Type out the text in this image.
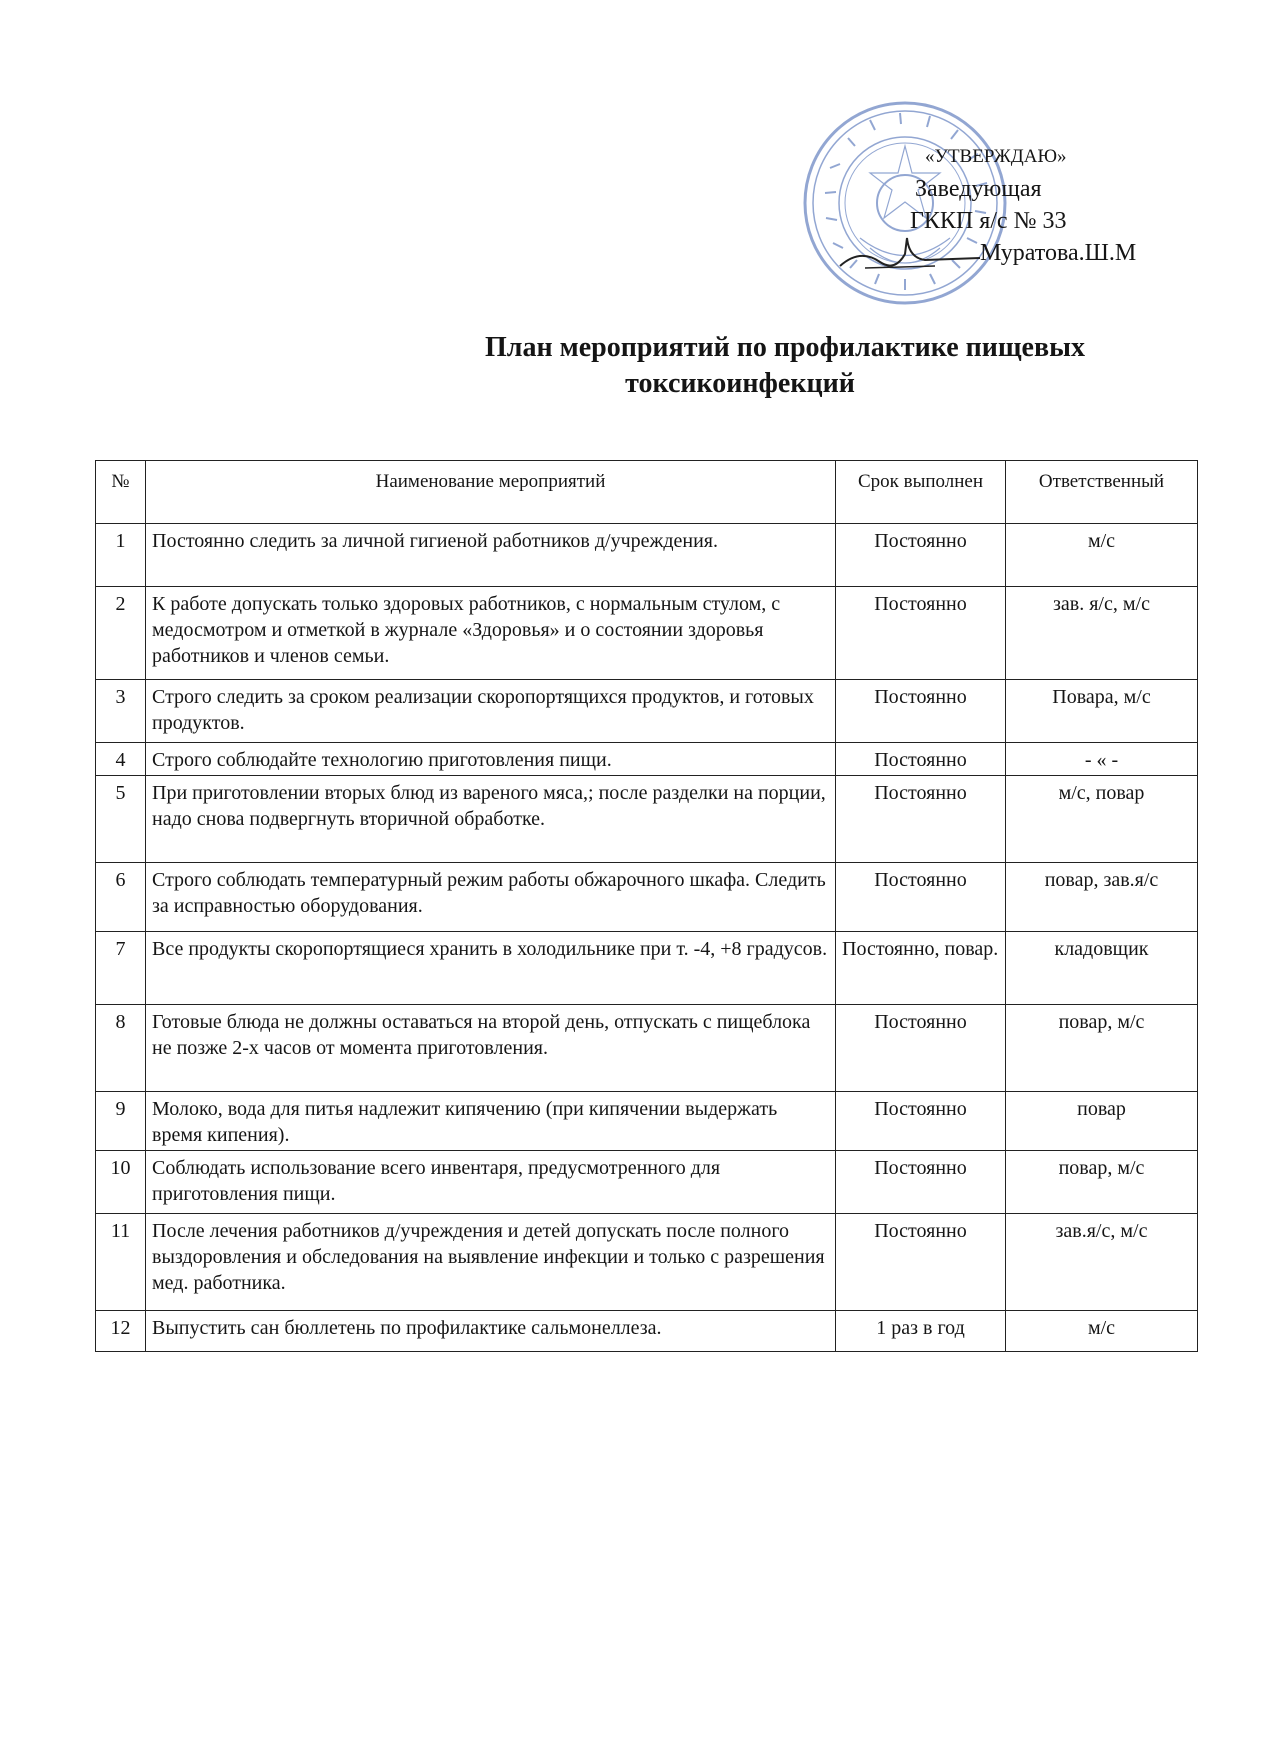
«УТВЕРЖДАЮ»
Заведующая
ГККП я/с № 33
Муратова.Ш.М
План мероприятий по профилактике пищевых
токсикоинфекций
№	Наименование мероприятий	Срок выполнен	Ответственный
1	Постоянно следить за личной гигиеной работников д/учреждения.	Постоянно	м/с
2	К работе допускать только здоровых работников, с нормальным стулом, с медосмотром и отметкой в журнале «Здоровья» и о состоянии здоровья работников и членов семьи.	Постоянно	зав. я/с, м/с
3	Строго следить за сроком реализации скоропортящихся продуктов, и готовых продуктов.	Постоянно	Повара, м/с
4	Строго соблюдайте технологию приготовления пищи.	Постоянно	- « -
5	При приготовлении вторых блюд из вареного мяса,; после разделки на порции, надо снова подвергнуть вторичной обработке.	Постоянно	м/с, повар
6	Строго соблюдать температурный режим работы обжарочного шкафа. Следить за исправностью оборудования.	Постоянно	повар, зав.я/с
7	Все продукты скоропортящиеся хранить в холодильнике при т. -4, +8 градусов.	Постоянно, повар.	кладовщик
8	Готовые блюда не должны оставаться на второй день, отпускать с пищеблока не позже 2-х часов от момента приготовления.	Постоянно	повар, м/с
9	Молоко, вода для питья надлежит кипячению (при кипячении выдержать время кипения).	Постоянно	повар
10	Соблюдать использование всего инвентаря, предусмотренного для приготовления пищи.	Постоянно	повар, м/с
11	После лечения работников д/учреждения и детей допускать после полного выздоровления и обследования на выявление инфекции и только с разрешения мед. работника.	Постоянно	зав.я/с, м/с
12	Выпустить сан бюллетень по профилактике сальмонеллеза.	1 раз в год	м/с
